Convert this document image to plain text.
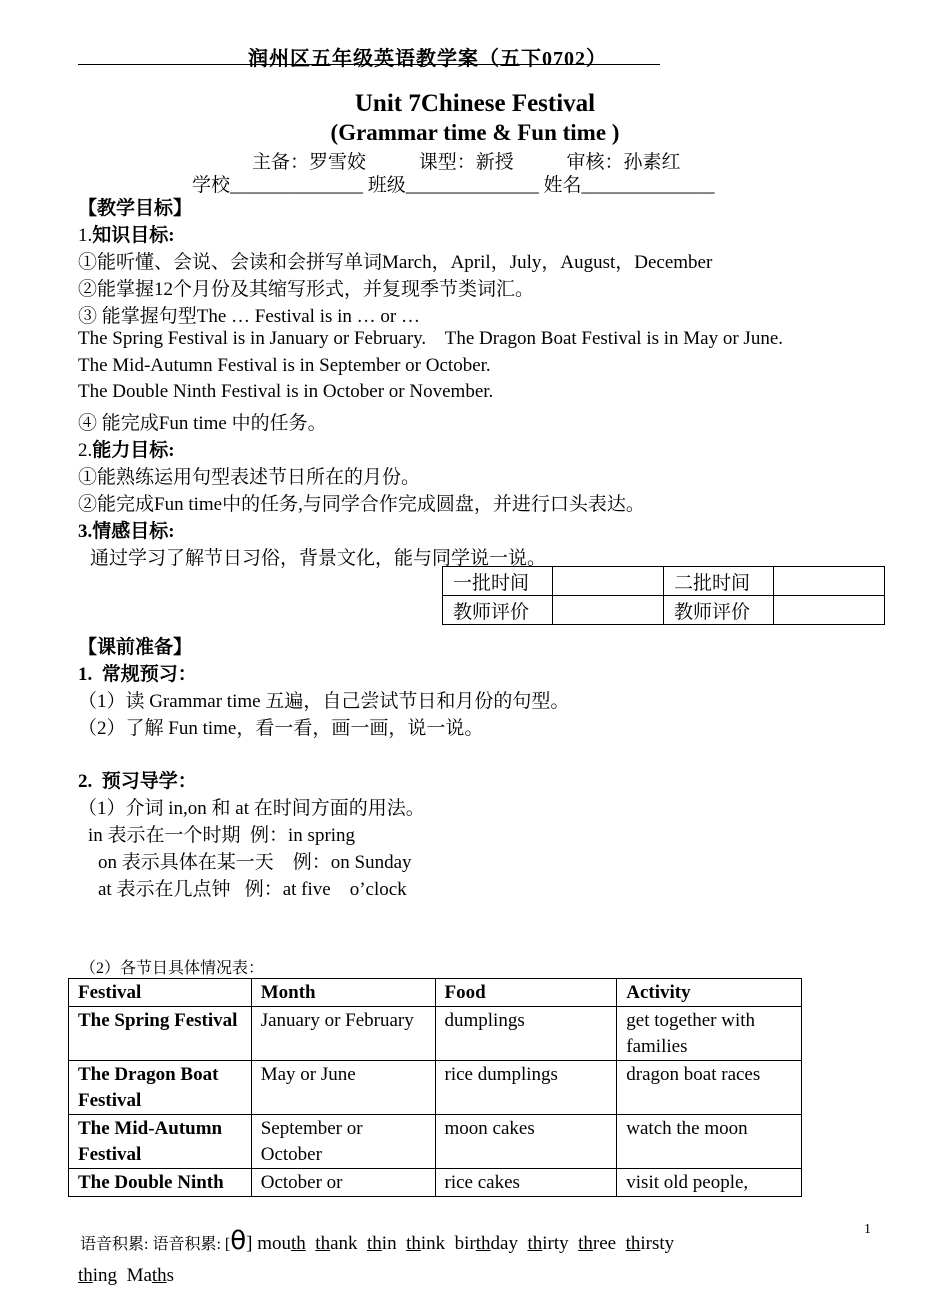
润州区五年级英语教学案（五下0702）
Unit 7Chinese Festival
(Grammar time & Fun time )
主备：罗雪姣	课型：新授	审核：孙素红
学校______________ 班级______________ 姓名______________
【教学目标】
1.知识目标:
①能听懂、会说、会读和会拼写单词March，April，July，August，December
②能掌握12个月份及其缩写形式，并复现季节类词汇。
③ 能掌握句型The … Festival is in … or …
The Spring Festival is in January or February.    The Dragon Boat Festival is in May or June.
The Mid-Autumn Festival is in September or October.
The Double Ninth Festival is in October or November.
④ 能完成Fun time 中的任务。
2.能力目标:
①能熟练运用句型表述节日所在的月份。
②能完成Fun time中的任务,与同学合作完成圆盘，并进行口头表达。
3.情感目标:
通过学习了解节日习俗，背景文化，能与同学说一说。
一批时间		二批时间	
教师评价		教师评价	
【课前准备】
1.  常规预习：
（1）读 Grammar time 五遍，自己尝试节日和月份的句型。
（2）了解 Fun time，看一看，画一画，说一说。
2.  预习导学：
（1）介词 in,on 和 at 在时间方面的用法。
in 表示在一个时期  例：in spring
on 表示具体在某一天    例：on Sunday
at 表示在几点钟   例：at five    o’clock
（2）各节日具体情况表：
Festival	Month	Food	Activity
The Spring Festival	January or February	dumplings	get together with families
The Dragon Boat Festival	May or June	rice dumplings	dragon boat races
The Mid-Autumn Festival	September or October	moon cakes	watch the moon
The Double Ninth	October or	rice cakes	visit old people,
1
语音积累: 语音积累: [θ] mouth thank thin think birthday thirty three thirsty
thing Maths
